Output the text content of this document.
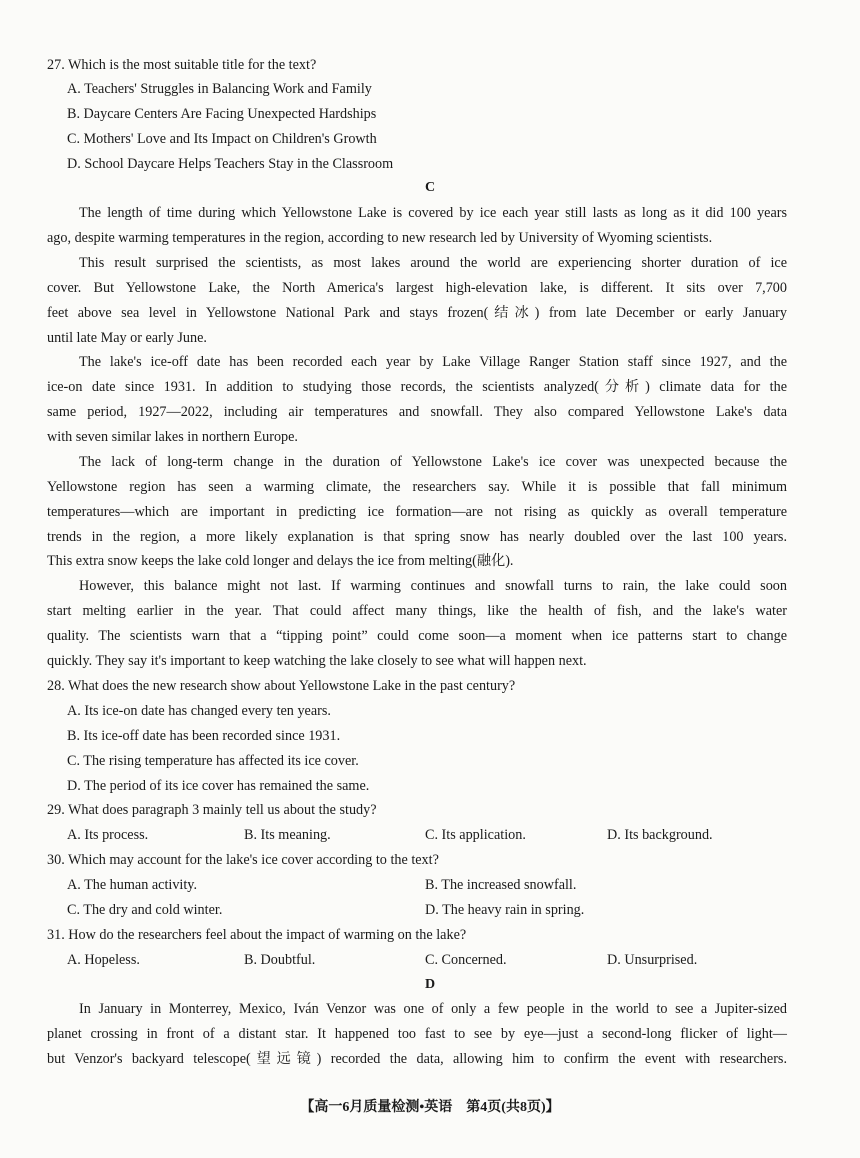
27. Which is the most suitable title for the text?
A. Teachers' Struggles in Balancing Work and Family
B. Daycare Centers Are Facing Unexpected Hardships
C. Mothers' Love and Its Impact on Children's Growth
D. School Daycare Helps Teachers Stay in the Classroom
C
The length of time during which Yellowstone Lake is covered by ice each year still lasts as long as it did 100 years
ago, despite warming temperatures in the region, according to new research led by University of Wyoming scientists.
This result surprised the scientists, as most lakes around the world are experiencing shorter duration of ice
cover. But Yellowstone Lake, the North America's largest high-elevation lake, is different. It sits over 7,700
feet above sea level in Yellowstone National Park and stays frozen(结冰) from late December or early January
until late May or early June.
The lake's ice-off date has been recorded each year by Lake Village Ranger Station staff since 1927, and the
ice-on date since 1931. In addition to studying those records, the scientists analyzed(分析) climate data for the
same period, 1927—2022, including air temperatures and snowfall. They also compared Yellowstone Lake's data
with seven similar lakes in northern Europe.
The lack of long-term change in the duration of Yellowstone Lake's ice cover was unexpected because the
Yellowstone region has seen a warming climate, the researchers say. While it is possible that fall minimum
temperatures—which are important in predicting ice formation—are not rising as quickly as overall temperature
trends in the region, a more likely explanation is that spring snow has nearly doubled over the last 100 years.
This extra snow keeps the lake cold longer and delays the ice from melting(融化).
However, this balance might not last. If warming continues and snowfall turns to rain, the lake could soon
start melting earlier in the year. That could affect many things, like the health of fish, and the lake's water
quality. The scientists warn that a “tipping point” could come soon—a moment when ice patterns start to change
quickly. They say it's important to keep watching the lake closely to see what will happen next.
28. What does the new research show about Yellowstone Lake in the past century?
A. Its ice-on date has changed every ten years.
B. Its ice-off date has been recorded since 1931.
C. The rising temperature has affected its ice cover.
D. The period of its ice cover has remained the same.
29. What does paragraph 3 mainly tell us about the study?
A. Its process.	B. Its meaning.	C. Its application.	D. Its background.
30. Which may account for the lake's ice cover according to the text?
A. The human activity.	B. The increased snowfall.
C. The dry and cold winter.	D. The heavy rain in spring.
31. How do the researchers feel about the impact of warming on the lake?
A. Hopeless.	B. Doubtful.	C. Concerned.	D. Unsurprised.
D
In January in Monterrey, Mexico, Iván Venzor was one of only a few people in the world to see a Jupiter-sized
planet crossing in front of a distant star. It happened too fast to see by eye—just a second-long flicker of light—
but Venzor's backyard telescope(望远镜) recorded the data, allowing him to confirm the event with researchers.
【高一6月质量检测•英语　第4页(共8页)】
